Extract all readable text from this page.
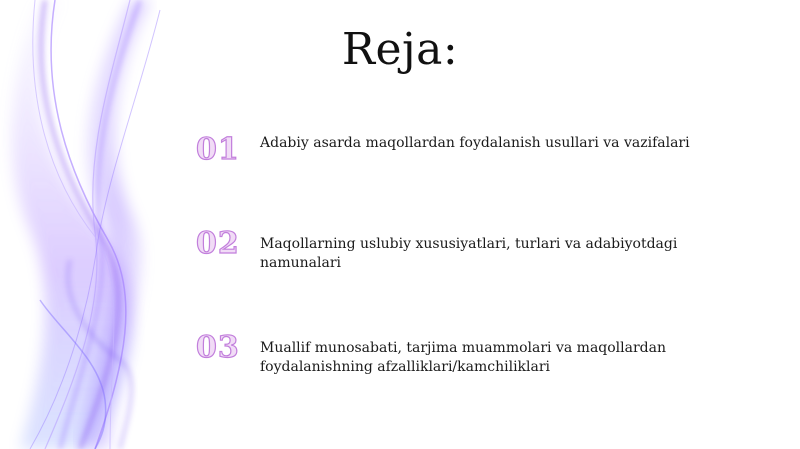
Reja:
01	Adabiy asarda maqollardan foydalanish usullari va vazifalari
02	Maqollarning uslubiy xususiyatlari, turlari va adabiyotdagi namunalari
03	Muallif munosabati, tarjima muammolari va maqollardan foydalanishning afzalliklari/kamchiliklari
